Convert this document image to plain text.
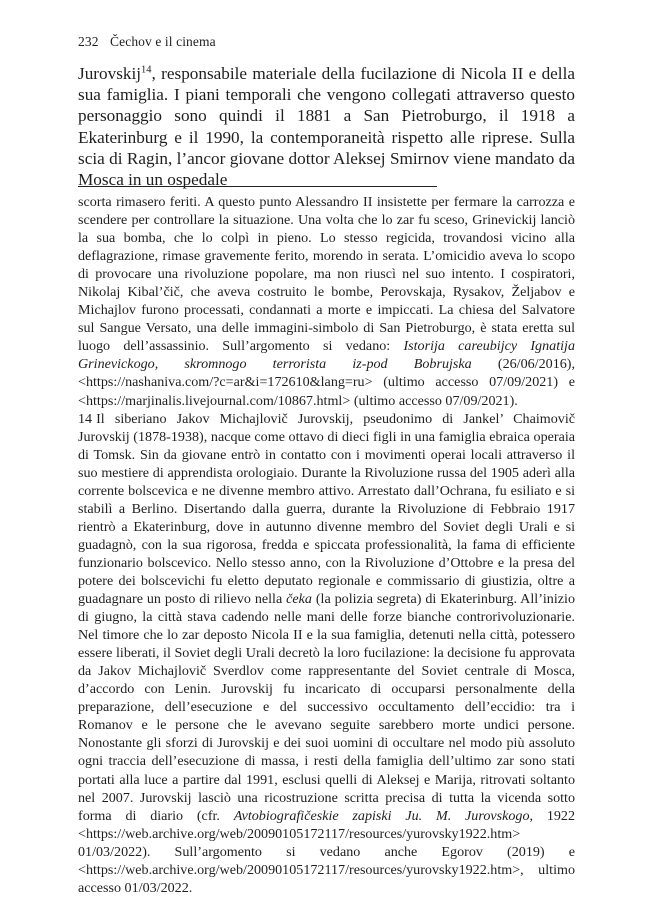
232 Čechov e il cinema
Jurovskij$^{14}$, responsabile materiale della fucilazione di Nicola II e della sua famiglia. I piani temporali che vengono collegati attraverso questo personaggio sono quindi il 1881 a San Pietroburgo, il 1918 a Ekaterinburg e il 1990, la contemporaneità rispetto alle riprese. Sulla scia di Ragin, l’ancor giovane dottor Aleksej Smirnov viene mandato da Mosca in un ospedale

scorta rimasero feriti. A questo punto Alessandro II insistette per fermare la carrozza e scendere per controllare la situazione. Una volta che lo zar fu sceso, Grinevickij lanciò la sua bomba, che lo colpì in pieno. Lo stesso regicida, trovandosi vicino alla deflagrazione, rimase gravemente ferito, morendo in serata. L’omicidio aveva lo scopo di provocare una rivoluzione popolare, ma non riuscì nel suo intento. I cospiratori, Nikolaj Kibal’čič, che aveva costruito le bombe, Perovskaja, Rysakov, Željabov e Michajlov furono processati, condannati a morte e impiccati. La chiesa del Salvatore sul Sangue Versato, una delle immagini-simbolo di San Pietroburgo, è stata eretta sul luogo dell’assassinio. Sull’argomento si vedano: Istorija careubijcy Ignatija Grinevickogo, skromnogo terrorista iz-pod Bobrujska (26/06/2016), <https://nashaniva.com/?c=ar&i=172610&lang=ru> (ultimo accesso 07/09/2021) e <https://marjinalis.livejournal.com/10867.html> (ultimo accesso 07/09/2021).

14 Il siberiano Jakov Michajlovič Jurovskij, pseudonimo di Jankel’ Chaimovič Jurovskij (1878-1938), nacque come ottavo di dieci figli in una famiglia ebraica operaia di Tomsk. Sin da giovane entrò in contatto con i movimenti operai locali attraverso il suo mestiere di apprendista orologiaio. Durante la Rivoluzione russa del 1905 aderì alla corrente bolscevica e ne divenne membro attivo. Arrestato dall’Ochrana, fu esiliato e si stabilì a Berlino. Disertando dalla guerra, durante la Rivoluzione di Febbraio 1917 rientrò a Ekaterinburg, dove in autunno divenne membro del Soviet degli Urali e si guadagnò, con la sua rigorosa, fredda e spiccata professionalità, la fama di efficiente funzionario bolscevico. Nello stesso anno, con la Rivoluzione d’Ottobre e la presa del potere dei bolscevichi fu eletto deputato regionale e commissario di giustizia, oltre a guadagnare un posto di rilievo nella čeka (la polizia segreta) di Ekaterinburg. All’inizio di giugno, la città stava cadendo nelle mani delle forze bianche controrivoluzionarie. Nel timore che lo zar deposto Nicola II e la sua famiglia, detenuti nella città, potessero essere liberati, il Soviet degli Urali decretò la loro fucilazione: la decisione fu approvata da Jakov Michajlovič Sverdlov come rappresentante del Soviet centrale di Mosca, d’accordo con Lenin. Jurovskij fu incaricato di occuparsi personalmente della preparazione, dell’esecuzione e del successivo occultamento dell’eccidio: tra i Romanov e le persone che le avevano seguite sarebbero morte undici persone. Nonostante gli sforzi di Jurovskij e dei suoi uomini di occultare nel modo più assoluto ogni traccia dell’esecuzione di massa, i resti della famiglia dell’ultimo zar sono stati portati alla luce a partire dal 1991, esclusi quelli di Aleksej e Marija, ritrovati soltanto nel 2007. Jurovskij lasciò una ricostruzione scritta precisa di tutta la vicenda sotto forma di diario (cfr. Avtobiografičeskie zapiski Ju. M. Jurovskogo, 1922 <https://web.archive.org/web/20090105172117/resources/yurovsky1922.htm> 01/03/2022). Sull’argomento si vedano anche Egorov (2019) e <https://web.archive.org/web/20090105172117/resources/yurovsky1922.htm>, ultimo accesso 01/03/2022.
